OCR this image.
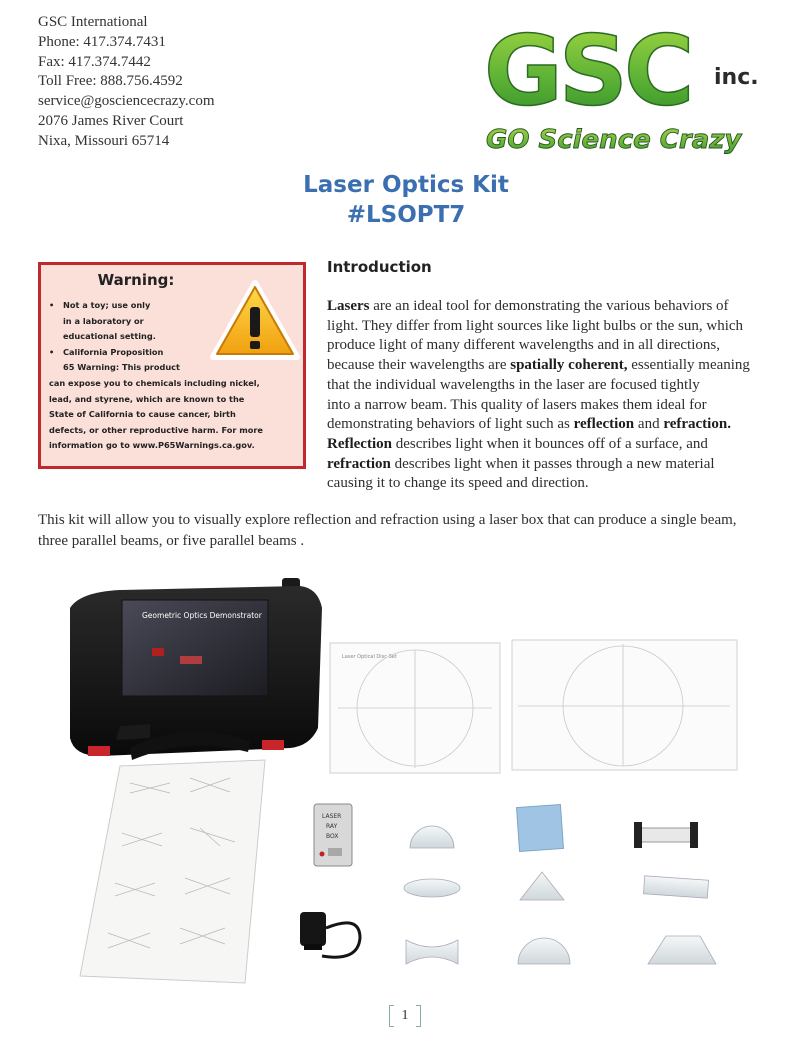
GSC International
Phone: 417.374.7431
Fax: 417.374.7442
Toll Free: 888.756.4592
service@gosciencecrazy.com
2076 James River Court
Nixa, Missouri 65714
GSC inc.
GO Science Crazy
Laser Optics Kit
#LSOPT7
Warning:
• Not a toy; use only
in a laboratory or
educational setting.
• California Proposition
65 Warning: This product
can expose you to chemicals including nickel,
lead, and styrene, which are known to the
State of California to cause cancer, birth
defects, or other reproductive harm. For more
information go to www.P65Warnings.ca.gov.
Introduction
Lasers are an ideal tool for demonstrating the various behaviors of
light. They differ from light sources like light bulbs or the sun, which
produce light of many different wavelengths and in all directions,
because their wavelengths are spatially coherent, essentially meaning
that the individual wavelengths in the laser are focused tightly
into a narrow beam. This quality of lasers makes them ideal for
demonstrating behaviors of light such as reflection and refraction.
Reflection describes light when it bounces off of a surface, and
refraction describes light when it passes through a new material
causing it to change its speed and direction.
This kit will allow you to visually explore reflection and refraction using a laser box that can produce a single beam,
three parallel beams, or five parallel beams .
Geometric Optics Demonstrator
Laser Optical Disc Set
LASER
RAY
BOX
1
